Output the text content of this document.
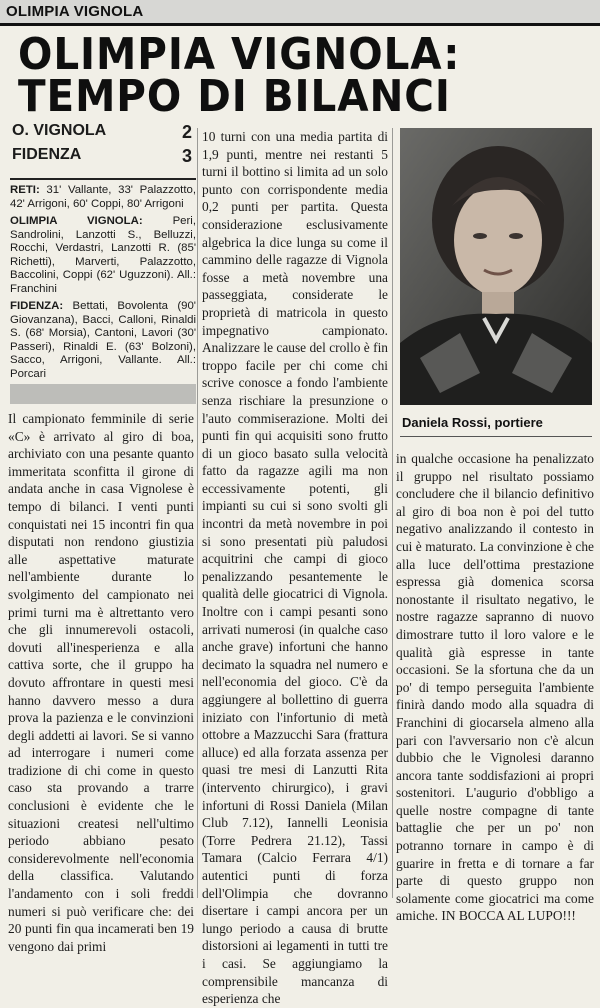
OLIMPIA VIGNOLA
OLIMPIA VIGNOLA:
TEMPO DI BILANCI
O. VIGNOLA	2
FIDENZA	3

RETI: 31' Vallante, 33' Palazzotto, 42' Arrigoni, 60' Coppi, 80' Arrigoni

OLIMPIA VIGNOLA: Peri, Sandrolini, Lanzotti S., Belluzzi, Rocchi, Verdastri, Lanzotti R. (85' Richetti), Marverti, Palazzotto, Baccolini, Coppi (62' Uguzzoni). All.: Franchini

FIDENZA: Bettati, Bovolenta (90' Giovanzana), Bacci, Calloni, Rinaldi S. (68' Morsia), Cantoni, Lavori (30' Passeri), Rinaldi E. (63' Bolzoni), Sacco, Arrigoni, Vallante. All.: Porcari

Il campionato femminile di serie «C» è arrivato al giro di boa, archiviato con una pesante quanto immeritata sconfitta il girone di andata anche in casa Vignolese è tempo di bilanci. I venti punti conquistati nei 15 incontri fin qua disputati non rendono giustizia alle aspettative maturate nell'ambiente durante lo svolgimento del campionato nei primi turni ma è altrettanto vero che gli innumerevoli ostacoli, dovuti all'inesperienza e alla cattiva sorte, che il gruppo ha dovuto affrontare in questi mesi hanno davvero messo a dura prova la pazienza e le convinzioni degli addetti ai lavori. Se si vanno ad interrogare i numeri come tradizione di chi come in questo caso sta provando a trarre conclusioni è evidente che le situazioni createsi nell'ultimo periodo abbiano pesato considerevolmente nell'economia della classifica. Valutando l'andamento con i soli freddi numeri si può verificare che: dei 20 punti fin qua incamerati ben 19 vengono dai primi

10 turni con una media partita di 1,9 punti, mentre nei restanti 5 turni il bottino si limita ad un solo punto con corrispondente media 0,2 punti per partita. Questa considerazione esclusivamente algebrica la dice lunga su come il cammino delle ragazze di Vignola fosse a metà novembre una passeggiata, considerate le proprietà di matricola in questo impegnativo campionato. Analizzare le cause del crollo è fin troppo facile per chi come chi scrive conosce a fondo l'ambiente senza rischiare la presunzione o l'auto commiserazione. Molti dei punti fin qui acquisiti sono frutto di un gioco basato sulla velocità fatto da ragazze agili ma non eccessivamente potenti, gli impianti su cui si sono svolti gli incontri da metà novembre in poi si sono presentati più paludosi acquitrini che campi di gioco penalizzando pesantemente le qualità delle giocatrici di Vignola. Inoltre con i campi pesanti sono arrivati numerosi (in qualche caso anche grave) infortuni che hanno decimato la squadra nel numero e nell'economia del gioco. C'è da aggiungere al bollettino di guerra iniziato con l'infortunio di metà ottobre a Mazzucchi Sara (frattura alluce) ed alla forzata assenza per quasi tre mesi di Lanzutti Rita (intervento chirurgico), i gravi infortuni di Rossi Daniela (Milan Club 7.12), Iannelli Leonisia (Torre Pedrera 21.12), Tassi Tamara (Calcio Ferrara 4/1) autentici punti di forza dell'Olimpia che dovranno disertare i campi ancora per un lungo periodo a causa di brutte distorsioni ai legamenti in tutti tre i casi. Se aggiungiamo la comprensibile mancanza di esperienza che

Daniela Rossi, portiere

in qualche occasione ha penalizzato il gruppo nel risultato possiamo concludere che il bilancio definitivo al giro di boa non è poi del tutto negativo analizzando il contesto in cui è maturato. La convinzione è che alla luce dell'ottima prestazione espressa già domenica scorsa nonostante il risultato negativo, le nostre ragazze sapranno di nuovo dimostrare tutto il loro valore e le qualità già espresse in tante occasioni. Se la sfortuna che da un po' di tempo perseguita l'ambiente finirà dando modo alla squadra di Franchini di giocarsela almeno alla pari con l'avversario non c'è alcun dubbio che le Vignolesi daranno ancora tante soddisfazioni ai propri sostenitori. L'augurio d'obbligo a quelle nostre compagne di tante battaglie che per un po' non potranno tornare in campo è di guarire in fretta e di tornare a far parte di questo gruppo non solamente come giocatrici ma come amiche. IN BOCCA AL LUPO!!!
